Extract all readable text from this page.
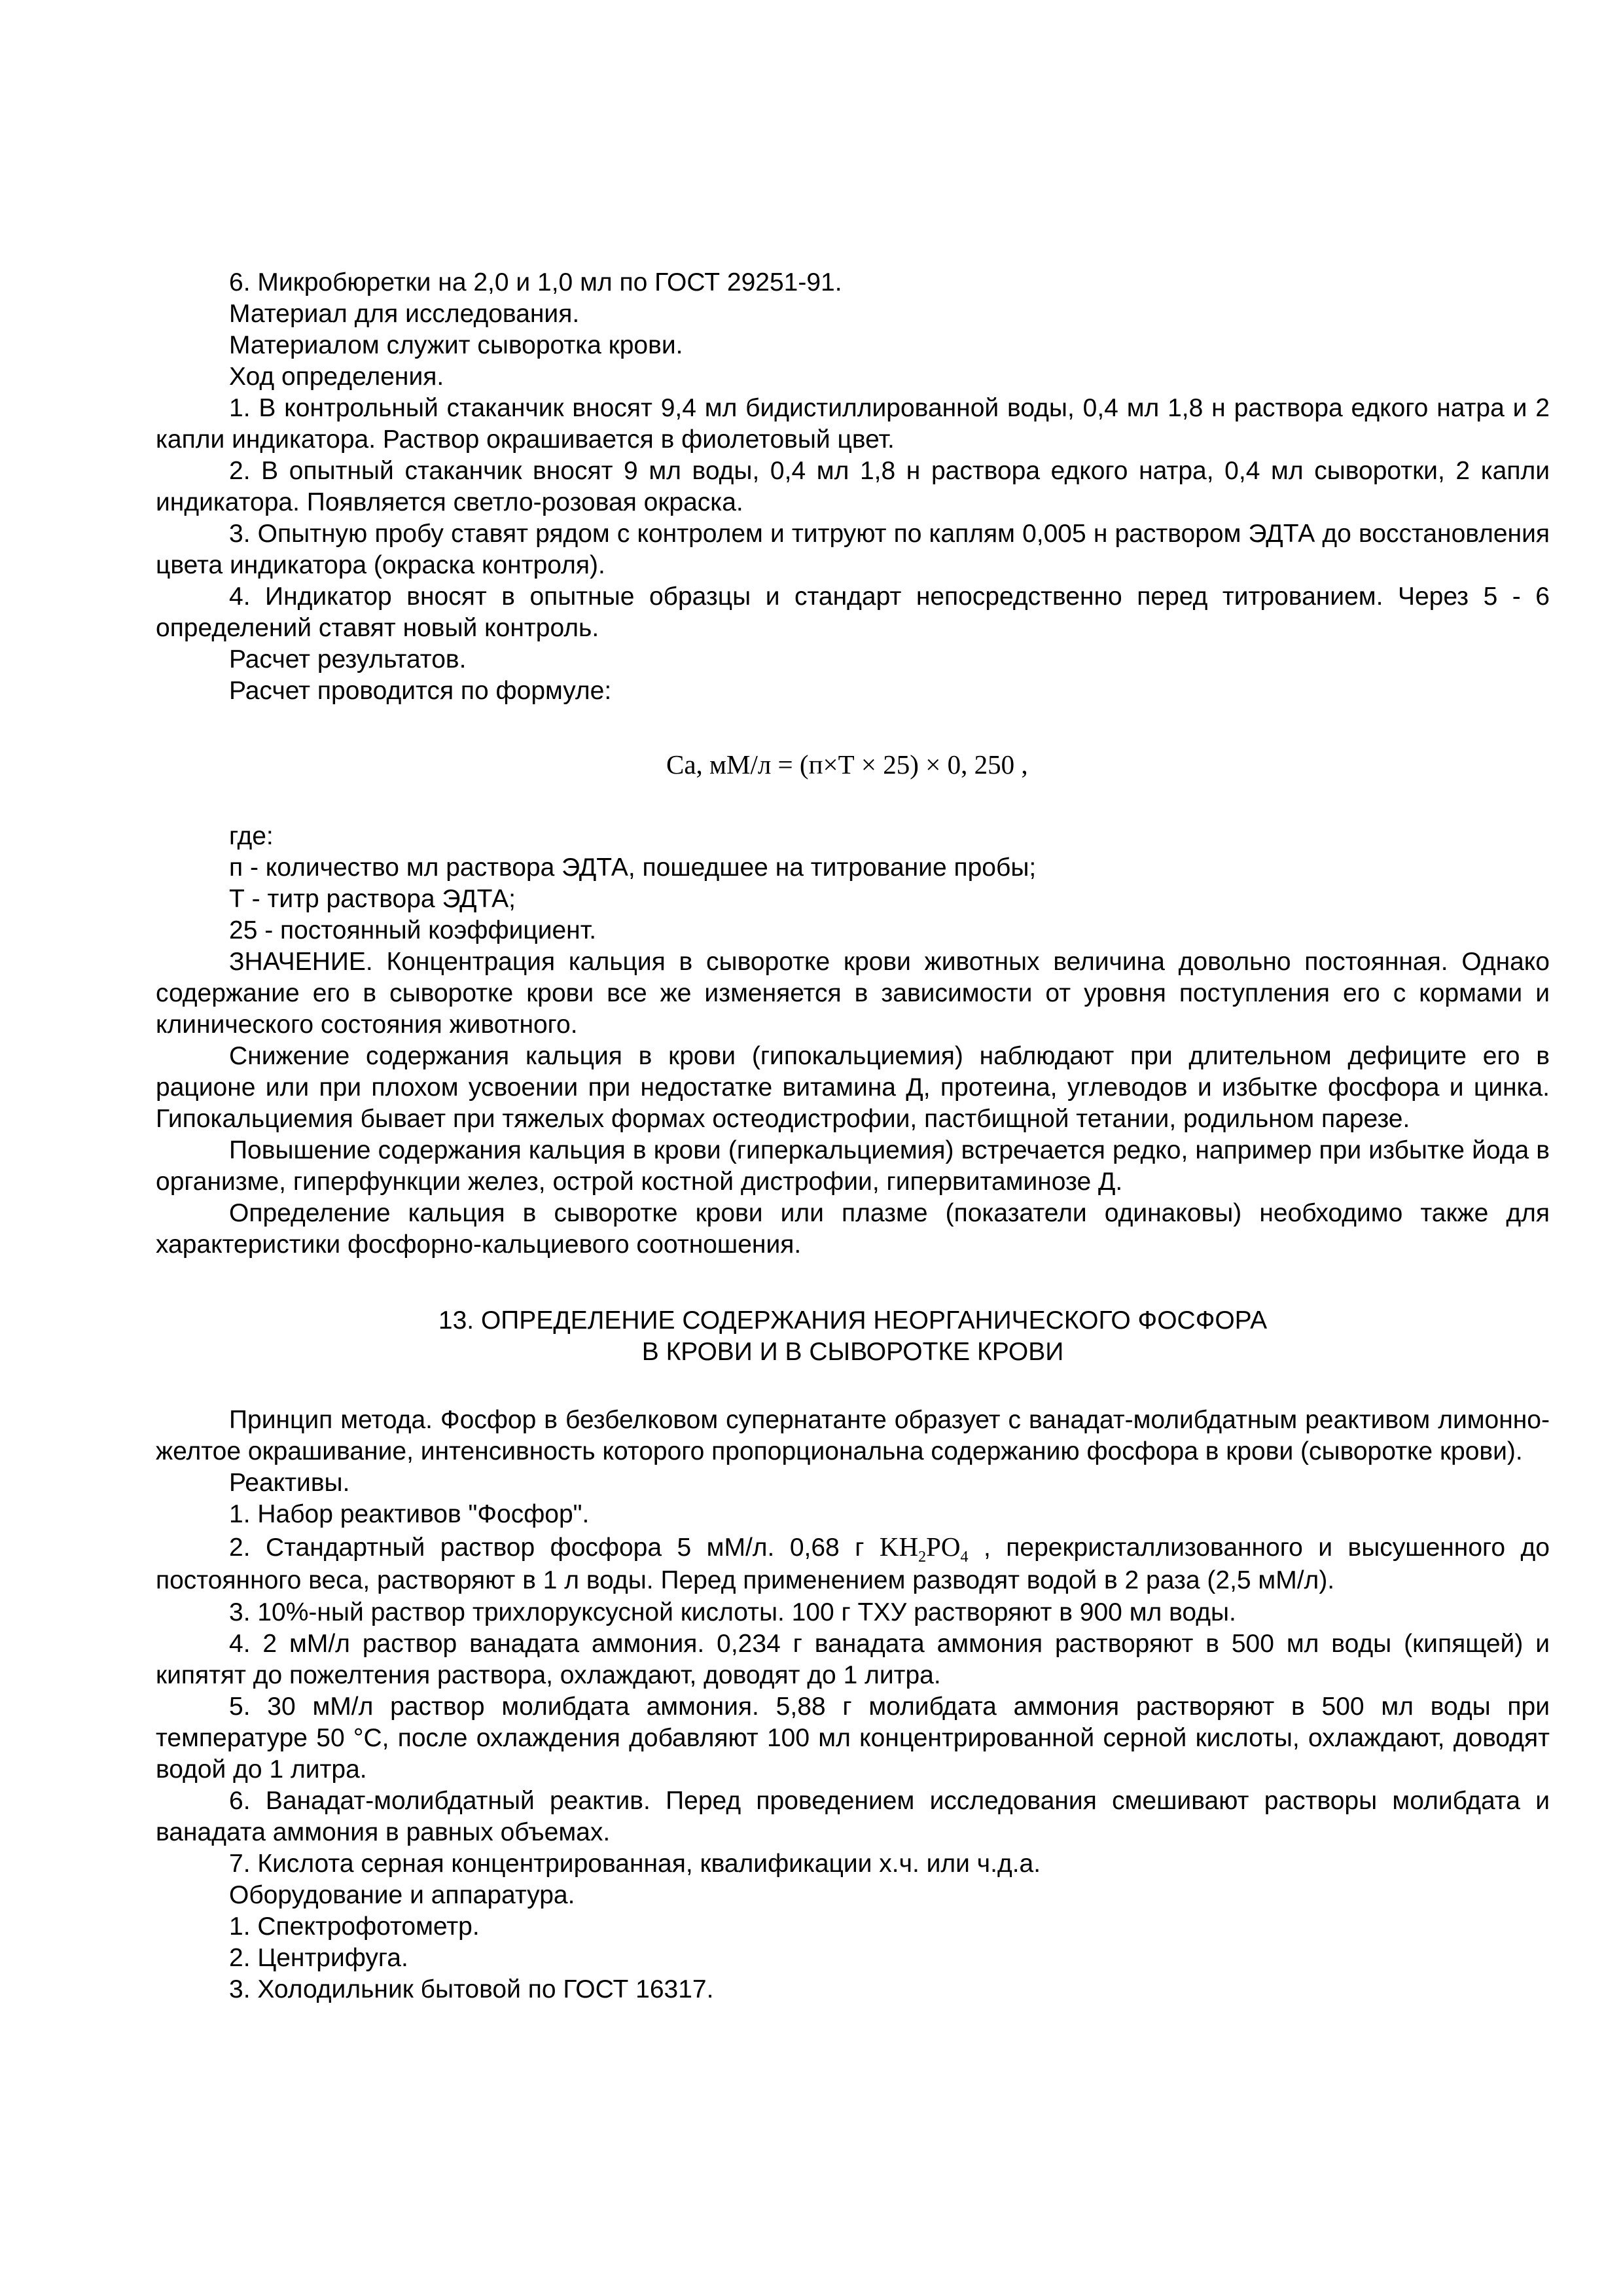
6. Микробюретки на 2,0 и 1,0 мл по ГОСТ 29251-91.

Материал для исследования.

Материалом служит сыворотка крови.

Ход определения.

1. В контрольный стаканчик вносят 9,4 мл бидистиллированной воды, 0,4 мл 1,8 н раствора едкого натра и 2 капли индикатора. Раствор окрашивается в фиолетовый цвет.

2. В опытный стаканчик вносят 9 мл воды, 0,4 мл 1,8 н раствора едкого натра, 0,4 мл сыворотки, 2 капли индикатора. Появляется светло-розовая окраска.

3. Опытную пробу ставят рядом с контролем и титруют по каплям 0,005 н раствором ЭДТА до восстановления цвета индикатора (окраска контроля).

4. Индикатор вносят в опытные образцы и стандарт непосредственно перед титрованием. Через 5 - 6 определений ставят новый контроль.

Расчет результатов.

Расчет проводится по формуле:

Ca, мМ/л = (п×Т × 25) × 0, 250 ,

где:

п - количество мл раствора ЭДТА, пошедшее на титрование пробы;

Т - титр раствора ЭДТА;

25 - постоянный коэффициент.

ЗНАЧЕНИЕ. Концентрация кальция в сыворотке крови животных величина довольно постоянная. Однако содержание его в сыворотке крови все же изменяется в зависимости от уровня поступления его с кормами и клинического состояния животного.

Снижение содержания кальция в крови (гипокальциемия) наблюдают при длительном дефиците его в рационе или при плохом усвоении при недостатке витамина Д, протеина, углеводов и избытке фосфора и цинка. Гипокальциемия бывает при тяжелых формах остеодистрофии, пастбищной тетании, родильном парезе.

Повышение содержания кальция в крови (гиперкальциемия) встречается редко, например при избытке йода в организме, гиперфункции желез, острой костной дистрофии, гипервитаминозе Д.

Определение кальция в сыворотке крови или плазме (показатели одинаковы) необходимо также для характеристики фосфорно-кальциевого соотношения.

13. ОПРЕДЕЛЕНИЕ СОДЕРЖАНИЯ НЕОРГАНИЧЕСКОГО ФОСФОРА
В КРОВИ И В СЫВОРОТКЕ КРОВИ

Принцип метода. Фосфор в безбелковом супернатанте образует с ванадат-молибдатным реактивом лимонно-желтое окрашивание, интенсивность которого пропорциональна содержанию фосфора в крови (сыворотке крови).

Реактивы.

1. Набор реактивов "Фосфор".

2. Стандартный раствор фосфора 5 мМ/л. 0,68 г $KH_2PO_4$ , перекристаллизованного и высушенного до постоянного веса, растворяют в 1 л воды. Перед применением разводят водой в 2 раза (2,5 мМ/л).

3. 10%-ный раствор трихлоруксусной кислоты. 100 г ТХУ растворяют в 900 мл воды.

4. 2 мМ/л раствор ванадата аммония. 0,234 г ванадата аммония растворяют в 500 мл воды (кипящей) и кипятят до пожелтения раствора, охлаждают, доводят до 1 литра.

5. 30 мМ/л раствор молибдата аммония. 5,88 г молибдата аммония растворяют в 500 мл воды при температуре 50 °С, после охлаждения добавляют 100 мл концентрированной серной кислоты, охлаждают, доводят водой до 1 литра.

6. Ванадат-молибдатный реактив. Перед проведением исследования смешивают растворы молибдата и ванадата аммония в равных объемах.

7. Кислота серная концентрированная, квалификации х.ч. или ч.д.а.

Оборудование и аппаратура.

1. Спектрофотометр.

2. Центрифуга.

3. Холодильник бытовой по ГОСТ 16317.
